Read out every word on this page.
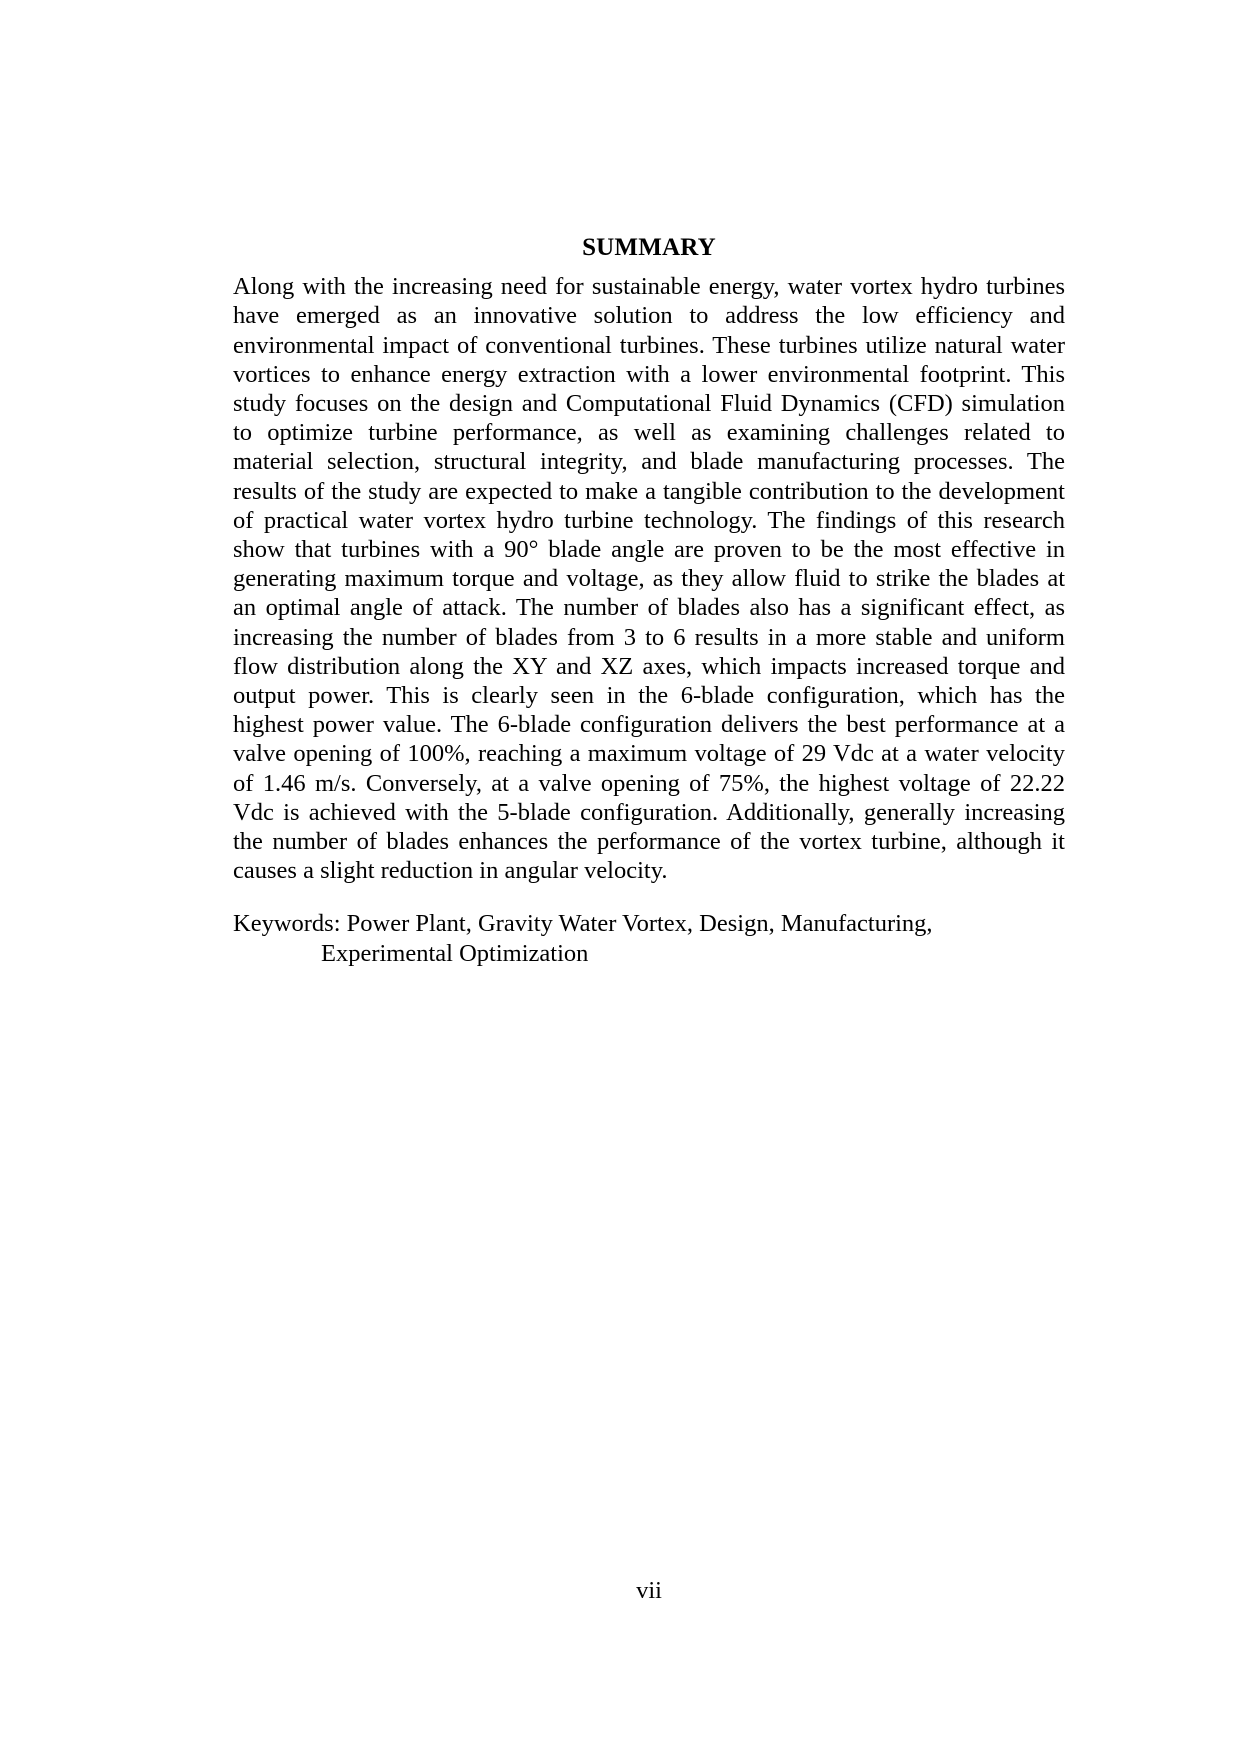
SUMMARY
Along with the increasing need for sustainable energy, water vortex hydro turbines
have emerged as an innovative solution to address the low efficiency and
environmental impact of conventional turbines. These turbines utilize natural water
vortices to enhance energy extraction with a lower environmental footprint. This
study focuses on the design and Computational Fluid Dynamics (CFD) simulation
to optimize turbine performance, as well as examining challenges related to
material selection, structural integrity, and blade manufacturing processes. The
results of the study are expected to make a tangible contribution to the development
of practical water vortex hydro turbine technology. The findings of this research
show that turbines with a 90° blade angle are proven to be the most effective in
generating maximum torque and voltage, as they allow fluid to strike the blades at
an optimal angle of attack. The number of blades also has a significant effect, as
increasing the number of blades from 3 to 6 results in a more stable and uniform
flow distribution along the XY and XZ axes, which impacts increased torque and
output power. This is clearly seen in the 6-blade configuration, which has the
highest power value. The 6-blade configuration delivers the best performance at a
valve opening of 100%, reaching a maximum voltage of 29 Vdc at a water velocity
of 1.46 m/s. Conversely, at a valve opening of 75%, the highest voltage of 22.22
Vdc is achieved with the 5-blade configuration. Additionally, generally increasing
the number of blades enhances the performance of the vortex turbine, although it
causes a slight reduction in angular velocity.
Keywords: Power Plant, Gravity Water Vortex, Design, Manufacturing,
Experimental Optimization
vii
